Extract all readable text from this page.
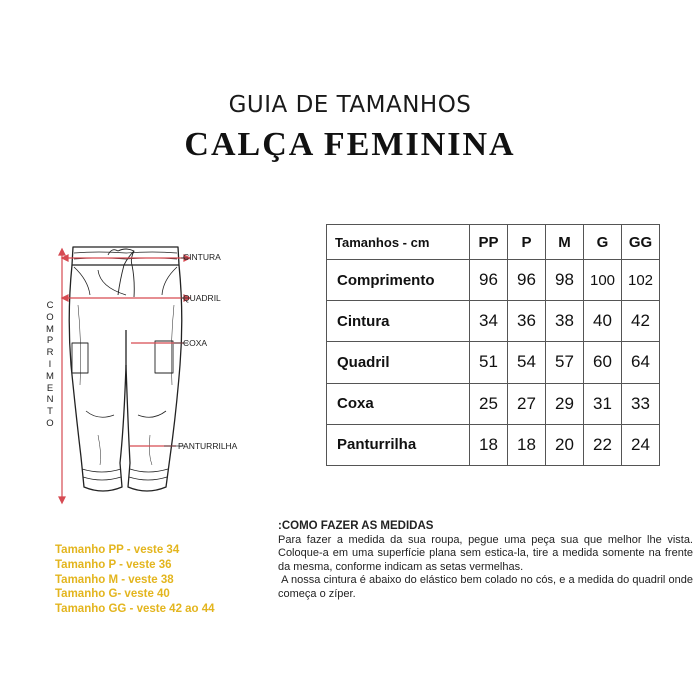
GUIA DE TAMANHOS
CALÇA FEMININA
C
O
M
P
R
I
M
E
N
T
O
CINTURA
QUADRIL
COXA
PANTURRILHA
Tamanhos - cm	PP	P	M	G	GG
Comprimento	96	96	98	100	102
Cintura	34	36	38	40	42
Quadril	51	54	57	60	64
Coxa	25	27	29	31	33
Panturrilha	18	18	20	22	24
Tamanho PP - veste 34
Tamanho P - veste 36
Tamanho M - veste 38
Tamanho G- veste 40
Tamanho GG - veste 42 ao 44
:COMO FAZER AS MEDIDAS

Para fazer a medida da sua roupa, pegue uma peça sua que melhor lhe vista. Coloque-a em uma superfície plana sem estica-la, tire a medida somente na frente da mesma, conforme indicam as setas vermelhas.

A nossa cintura é abaixo do elástico bem colado no cós, e a medida do quadril onde começa o zíper.
